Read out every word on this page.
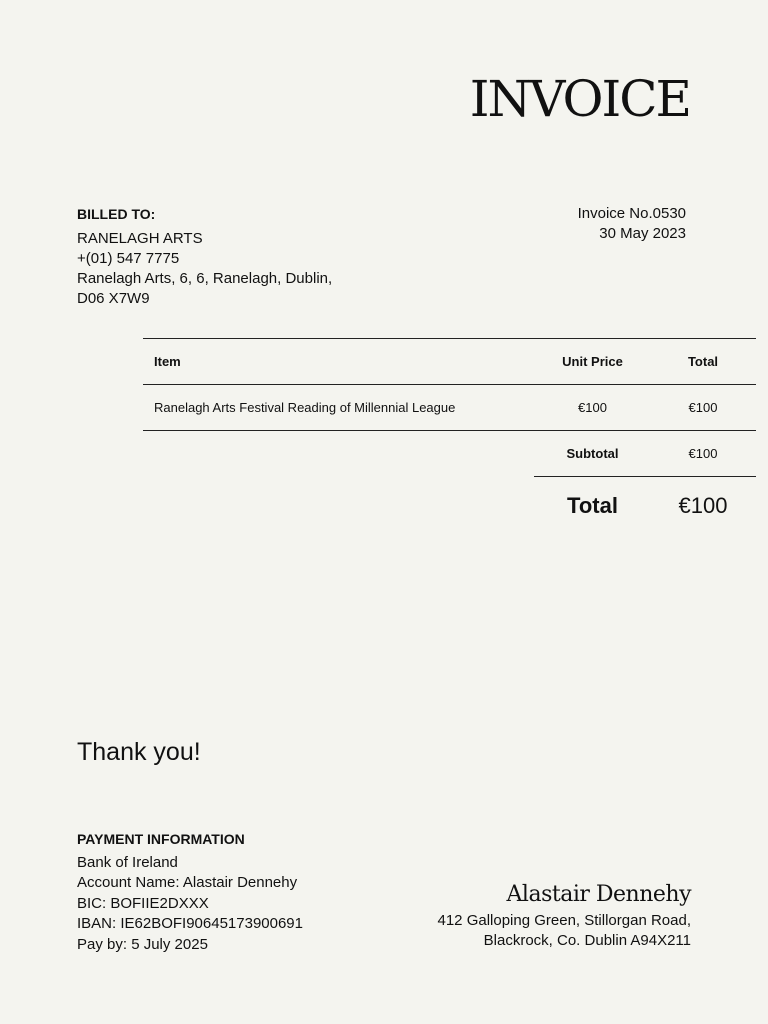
INVOICE
BILLED TO:
RANELAGH ARTS
+(01) 547 7775
Ranelagh Arts, 6, 6, Ranelagh, Dublin,
D06 X7W9
Invoice No.0530
30 May 2023
Item	Unit Price	Total
Ranelagh Arts Festival Reading of Millennial League	€100	€100
Subtotal	€100
Total	€100
Thank you!
PAYMENT INFORMATION
Bank of Ireland
Account Name: Alastair Dennehy
BIC: BOFIIE2DXXX
IBAN: IE62BOFI90645173900691
Pay by: 5 July 2025
Alastair Dennehy
412 Galloping Green, Stillorgan Road,
Blackrock, Co. Dublin A94X211
